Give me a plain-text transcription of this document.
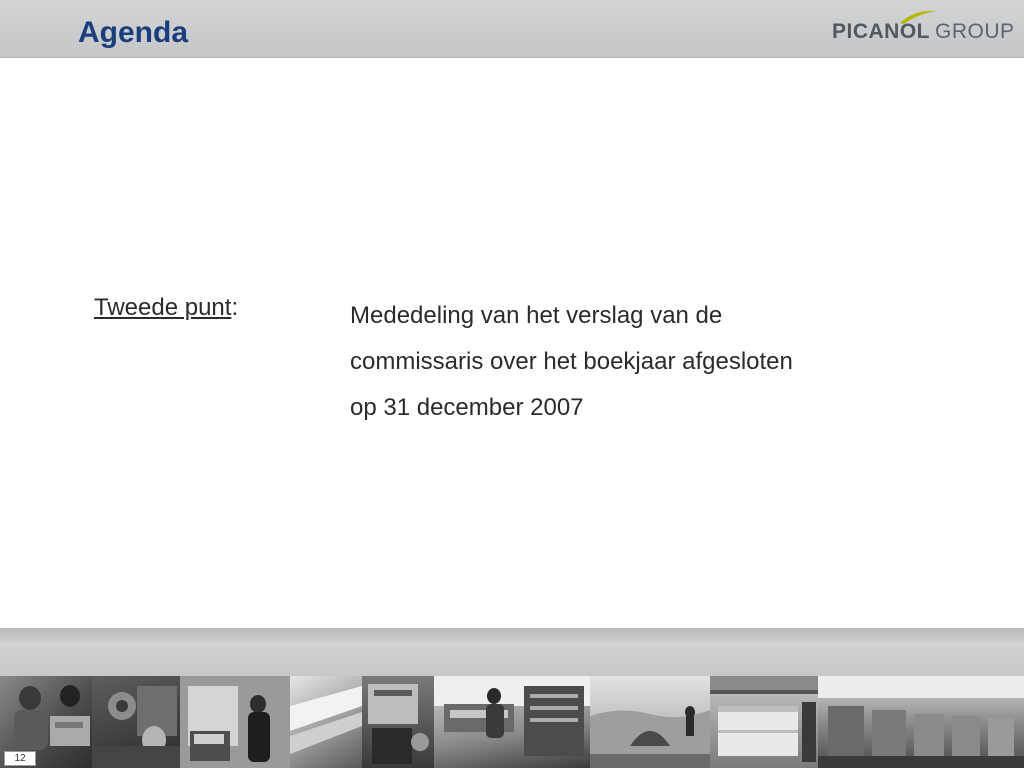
Agenda	PICANOL GROUP
Tweede punt:	Mededeling van het verslag van de
commissaris over het boekjaar afgesloten
op 31 december 2007
12
